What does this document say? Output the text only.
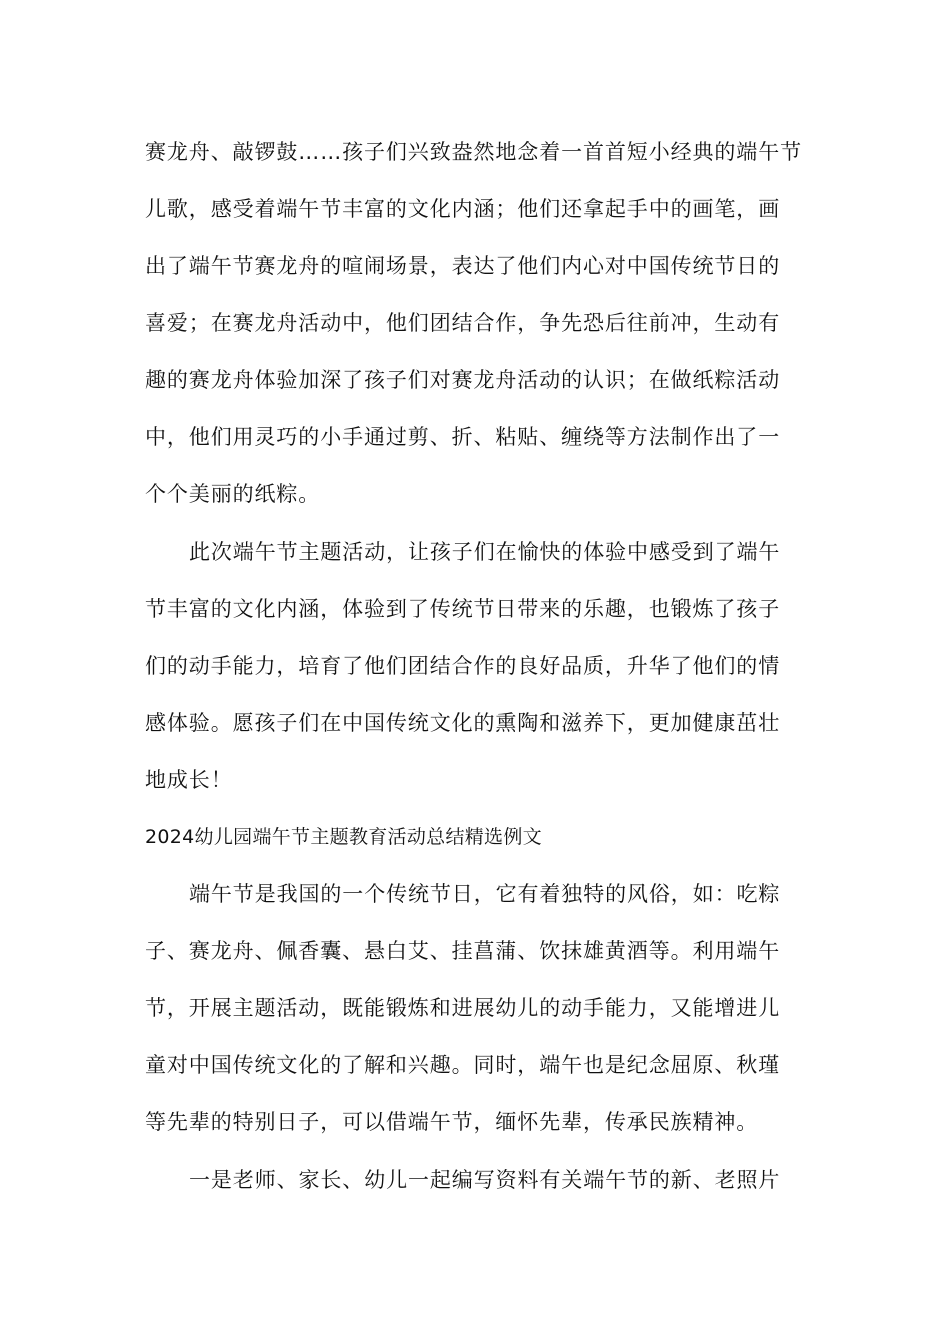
赛龙舟、敲锣鼓……孩子们兴致盎然地念着一首首短小经典的端午节
儿歌，感受着端午节丰富的文化内涵；他们还拿起手中的画笔，画
出了端午节赛龙舟的喧闹场景，表达了他们内心对中国传统节日的
喜爱；在赛龙舟活动中，他们团结合作，争先恐后往前冲，生动有
趣的赛龙舟体验加深了孩子们对赛龙舟活动的认识；在做纸粽活动
中，他们用灵巧的小手通过剪、折、粘贴、缠绕等方法制作出了一
个个美丽的纸粽。
此次端午节主题活动，让孩子们在愉快的体验中感受到了端午
节丰富的文化内涵，体验到了传统节日带来的乐趣，也锻炼了孩子
们的动手能力，培育了他们团结合作的良好品质，升华了他们的情
感体验。愿孩子们在中国传统文化的熏陶和滋养下，更加健康茁壮
地成长！
2024幼儿园端午节主题教育活动总结精选例文
端午节是我国的一个传统节日，它有着独特的风俗，如：吃粽
子、赛龙舟、佩香囊、悬白艾、挂菖蒲、饮抹雄黄酒等。利用端午
节，开展主题活动，既能锻炼和进展幼儿的动手能力，又能增进儿
童对中国传统文化的了解和兴趣。同时，端午也是纪念屈原、秋瑾
等先辈的特别日子，可以借端午节，缅怀先辈，传承民族精神。
一是老师、家长、幼儿一起编写资料有关端午节的新、老照片
